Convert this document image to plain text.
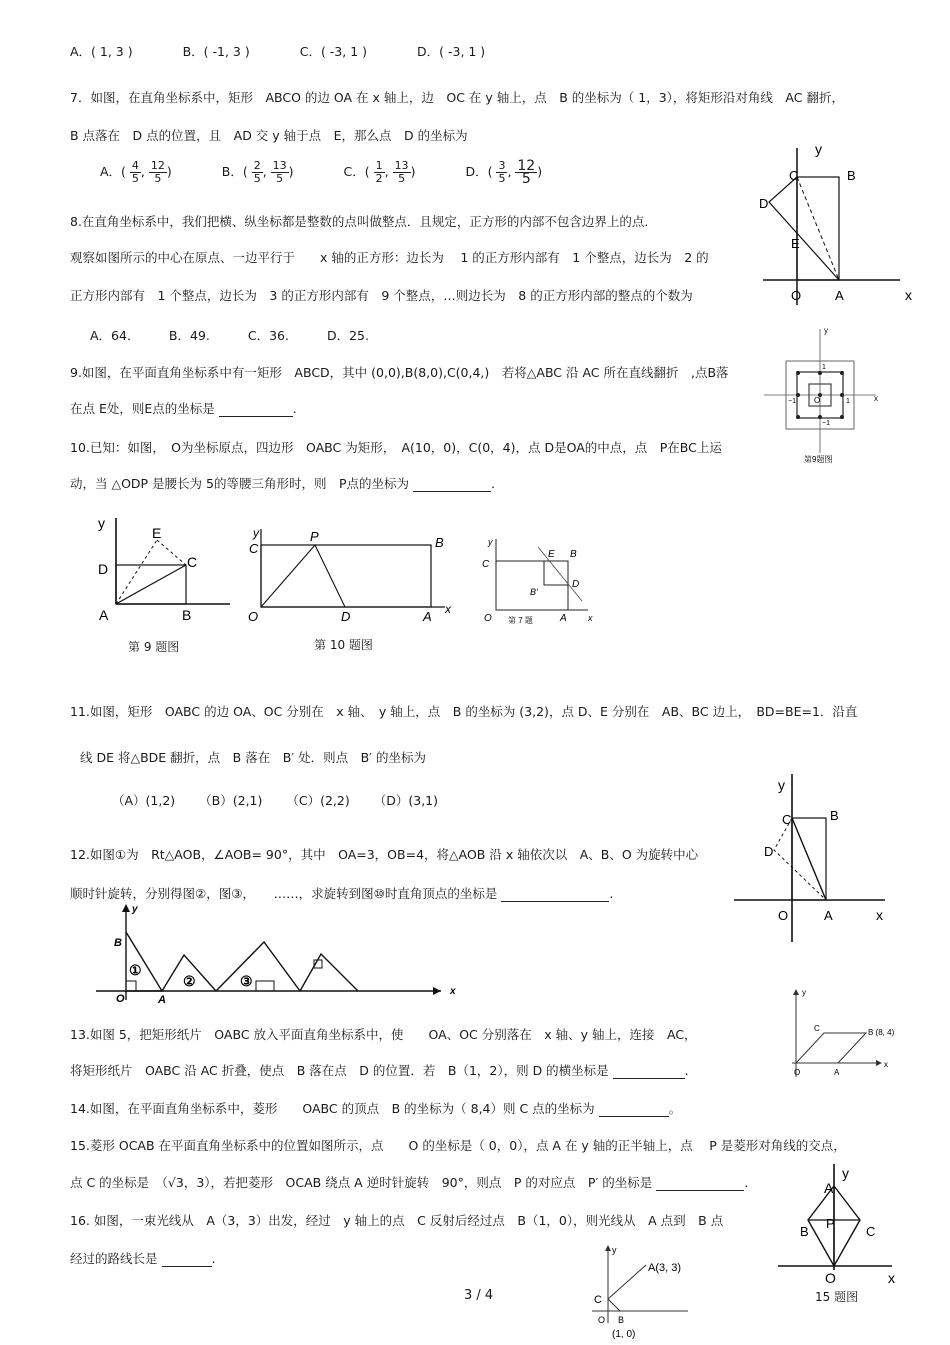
A．( 1, 3 )	B．( -1, 3 )	C．( -3, 1 )	D．( -3, 1 )
7．如图，在直角坐标系中，矩形　ABCO 的边 OA 在 x 轴上，边　OC 在 y 轴上，点　B 的坐标为（ 1，3），将矩形沿对角线　AC 翻折，
B 点落在　D 点的位置，且　AD 交 y 轴于点　E，那么点　D 的坐标为
A．( $\frac{4}{5}$ , $\frac{12}{5}$ )	B．( $\frac{2}{5}$ , $\frac{13}{5}$ )	C．( $\frac{1}{2}$ , $\frac{13}{5}$ )	D．( $\frac{3}{5}$ , $\frac{12}{5}$ )
y
x
C	B
D
E
O	A
8.在直角坐标系中，我们把横、纵坐标都是整数的点叫做整点．且规定，正方形的内部不包含边界上的点．
观察如图所示的中心在原点、一边平行于　　x 轴的正方形：边长为　 1 的正方形内部有　1 个整点，边长为　2 的
正方形内部有　1 个整点，边长为　3 的正方形内部有　9 个整点，…则边长为　8 的正方形内部的整点的个数为
A．64.	B．49.	C．36.	D．25.	y
x
O
1
−1	1
−1
第9题图
9.如图，在平面直角坐标系中有一矩形　ABCD，其中 (0,0),B(8,0),C(0,4,)　若将△ABC 沿 AC 所在直线翻折　,点B落
在点 E处，则E点的坐标是	.
10.已知：如图，　O为坐标原点，四边形　OABC 为矩形，　A(10，0)，C(0，4)，点 D是OA的中点，点　P在BC上运
动，当 △ODP 是腰长为 5的等腰三角形时，则　P点的坐标为	.
y
D
E
C
A	B
第 9 题图
y
C
P	B
O	D	A x
第 10 题图
y
C
E B
D
B′
O 第 7 题	A x
11.如图，矩形　OABC 的边 OA、OC 分别在　x 轴、　y 轴上，点　B 的坐标为 (3,2)，点 D、E 分别在　AB、BC 边上，　BD=BE=1．沿直
线 DE 将△BDE 翻折，点　B 落在　B′ 处．则点　B′ 的坐标为
（A）(1,2) （B）(2,1) （C）(2,2) （D）(3,1)
y
C	B
D
O	A	x
12.如图①为　Rt△AOB，∠AOB= 90°，其中　OA=3，OB=4，将△AOB 沿 x 轴依次以　A、B、O 为旋转中心
顺时针旋转，分别得图②，图③，　　……，求旋转到图⑩时直角顶点的坐标是	.
y
B
O	A
x
①
②	③
y
C	B (8, 4)
O	A
x
13.如图 5，把矩形纸片　OABC 放入平面直角坐标系中，使　　OA、OC 分别落在　x 轴、y 轴上，连接　AC，
将矩形纸片　OABC 沿 AC 折叠，使点　B 落在点　D 的位置．若　B（1，2），则 D 的横坐标是	.
14.如图，在平面直角坐标系中，菱形　　OABC 的顶点　B 的坐标为（ 8,4）则 C 点的坐标为	。
15.菱形 OCAB 在平面直角坐标系中的位置如图所示，点　　O 的坐标是（ 0，0），点 A 在 y 轴的正半轴上，点　 P 是菱形对角线的交点，
点 C 的坐标是　（√3，3），若把菱形　OCAB 绕点 A 逆时针旋转　90°，则点　P 的对应点　P′ 的坐标是	.
16. 如图，一束光线从　A（3，3）出发，经过　y 轴上的点　C 反射后经过点　B（1，0），则光线从　A 点到　B 点
经过的路线长是	.
y
A
B
P
C
O	x
15 题图
y
A(3, 3)
C
O B
(1, 0)
3 / 4
